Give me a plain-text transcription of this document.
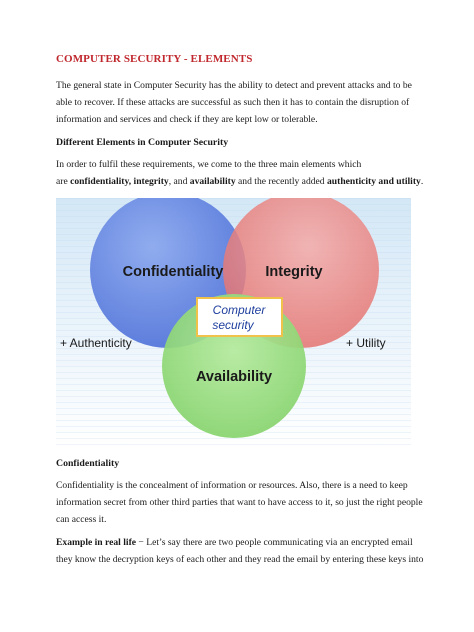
COMPUTER SECURITY - ELEMENTS
The general state in Computer Security has the ability to detect and prevent attacks and to be able to recover. If these attacks are successful as such then it has to contain the disruption of information and services and check if they are kept low or tolerable.
Different Elements in Computer Security
In order to fulfil these requirements, we come to the three main elements which
are confidentiality, integrity, and availability and the recently added authenticity and utility.
Confidentiality	Integrity
Availability
Computer
security
+ Authenticity	+ Utility
Confidentiality
Confidentiality is the concealment of information or resources. Also, there is a need to keep information secret from other third parties that want to have access to it, so just the right people can access it.
Example in real life − Let’s say there are two people communicating via an encrypted email they know the decryption keys of each other and they read the email by entering these keys into
